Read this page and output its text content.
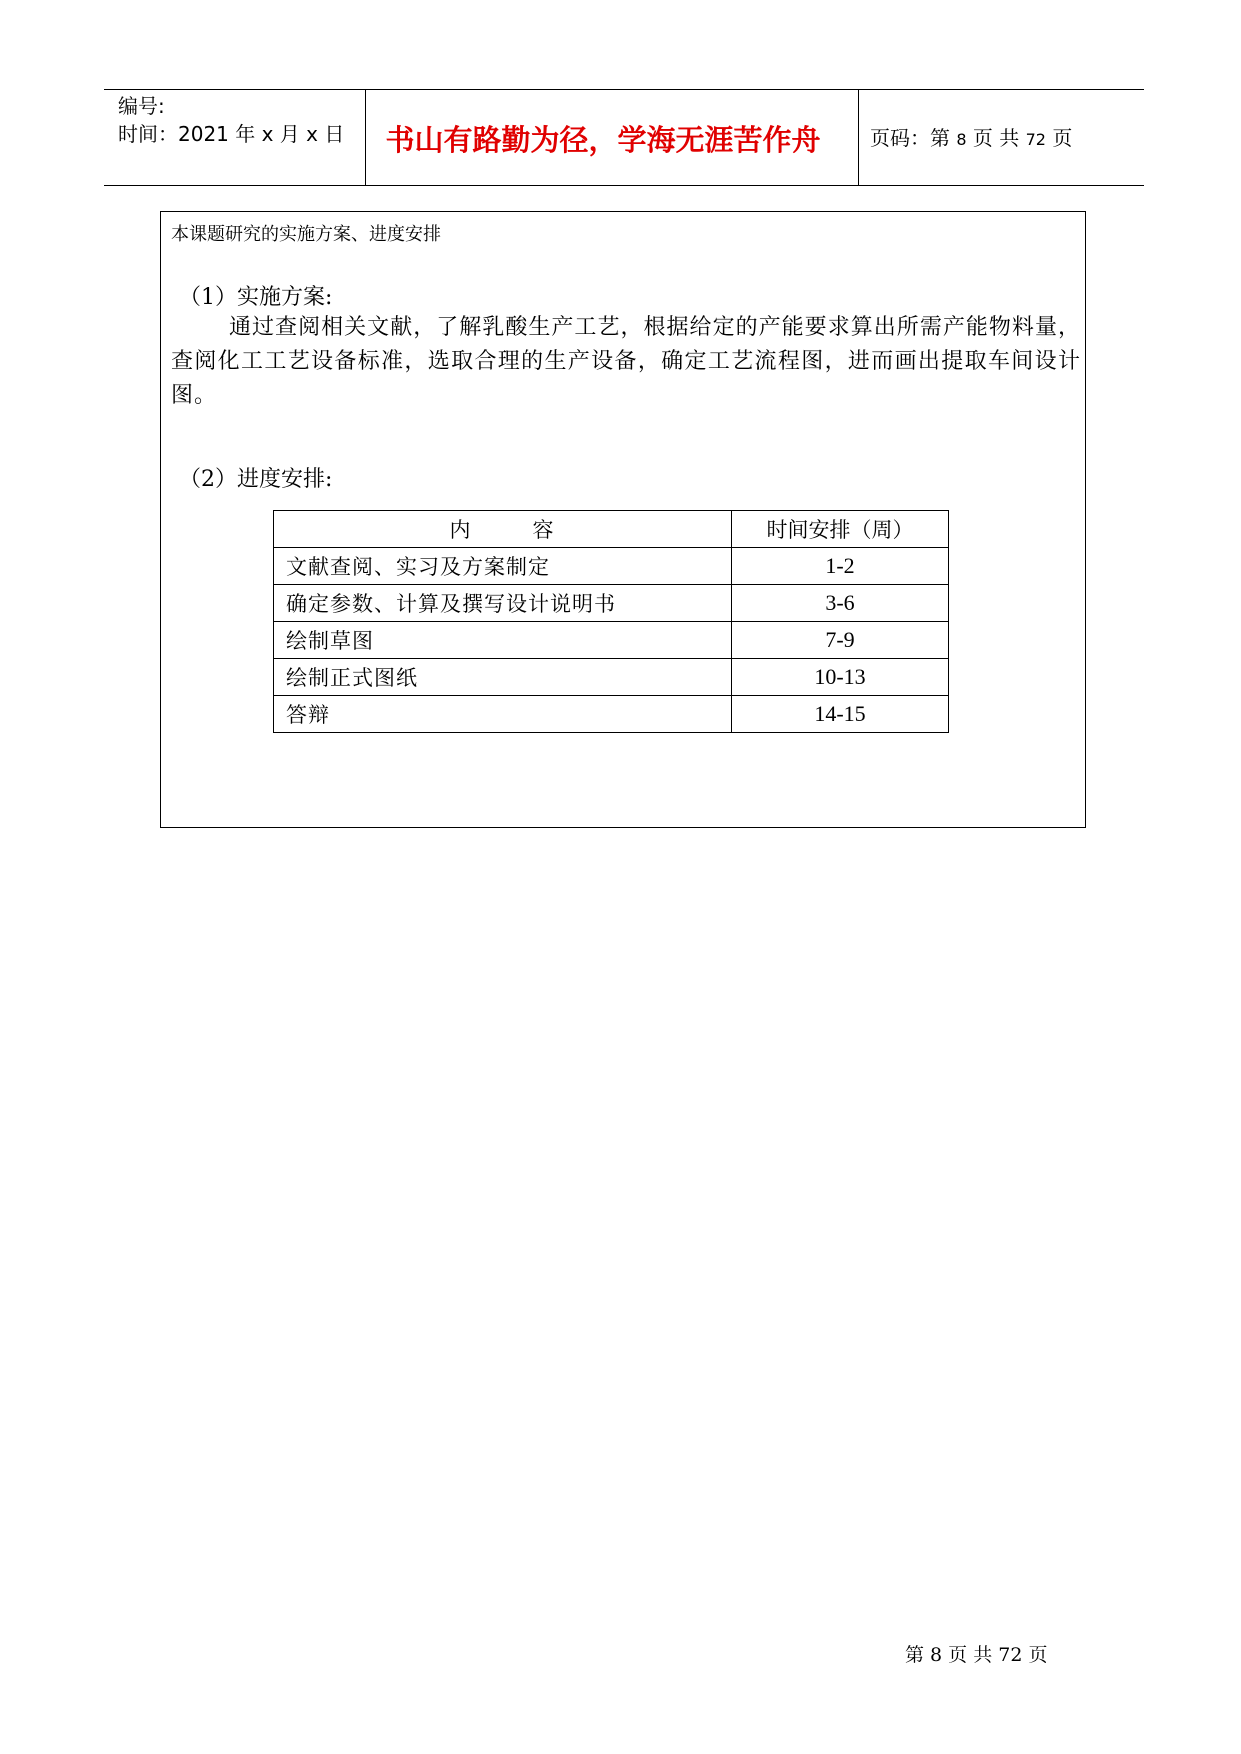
编号:
时间：2021 年 x 月 x 日	书山有路勤为径，学海无涯苦作舟	页码：第 8 页 共 72 页
本课题研究的实施方案、进度安排
（1）实施方案:

通过查阅相关文献，了解乳酸生产工艺，根据给定的产能要求算出所需产能物料量，查阅化工工艺设备标准，选取合理的生产设备，确定工艺流程图，进而画出提取车间设计图。

（2）进度安排:
内 容	时间安排（周）
文献查阅、实习及方案制定	1-2
确定参数、计算及撰写设计说明书	3-6
绘制草图	7-9
绘制正式图纸	10-13
答辩	14-15
第 8 页 共 72 页
